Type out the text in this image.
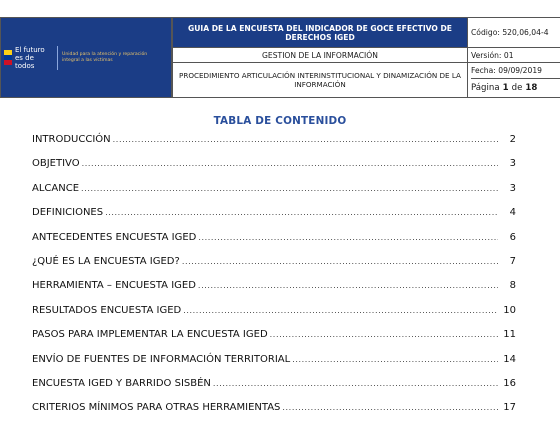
El futuro es de todos
Unidad para la atención y reparación integral a las víctimas
GUIA DE LA ENCUESTA DEL INDICADOR DE GOCE EFECTIVO DE DERECHOS IGED
GESTION DE LA INFORMACIÓN
PROCEDIMIENTO ARTICULACIÓN INTERINSTITUCIONAL Y DINAMIZACIÓN DE LA INFORMACIÓN
Código: 520,06,04-4
Versión: 01
Fecha: 09/09/2019
Página 1 de 18
TABLA DE CONTENIDO
INTRODUCCIÓN .....	2
OBJETIVO .....	3
ALCANCE .....	3
DEFINICIONES .....	4
ANTECEDENTES ENCUESTA IGED .....	6
¿QUÉ ES LA ENCUESTA IGED? .....	7
HERRAMIENTA – ENCUESTA IGED .....	8
RESULTADOS ENCUESTA IGED .....	10
PASOS PARA IMPLEMENTAR LA ENCUESTA IGED .....	11
ENVÍO DE FUENTES DE INFORMACIÓN TERRITORIAL .....	14
ENCUESTA IGED Y BARRIDO SISBÉN .....	16
CRITERIOS MÍNIMOS PARA OTRAS HERRAMIENTAS .....	17
